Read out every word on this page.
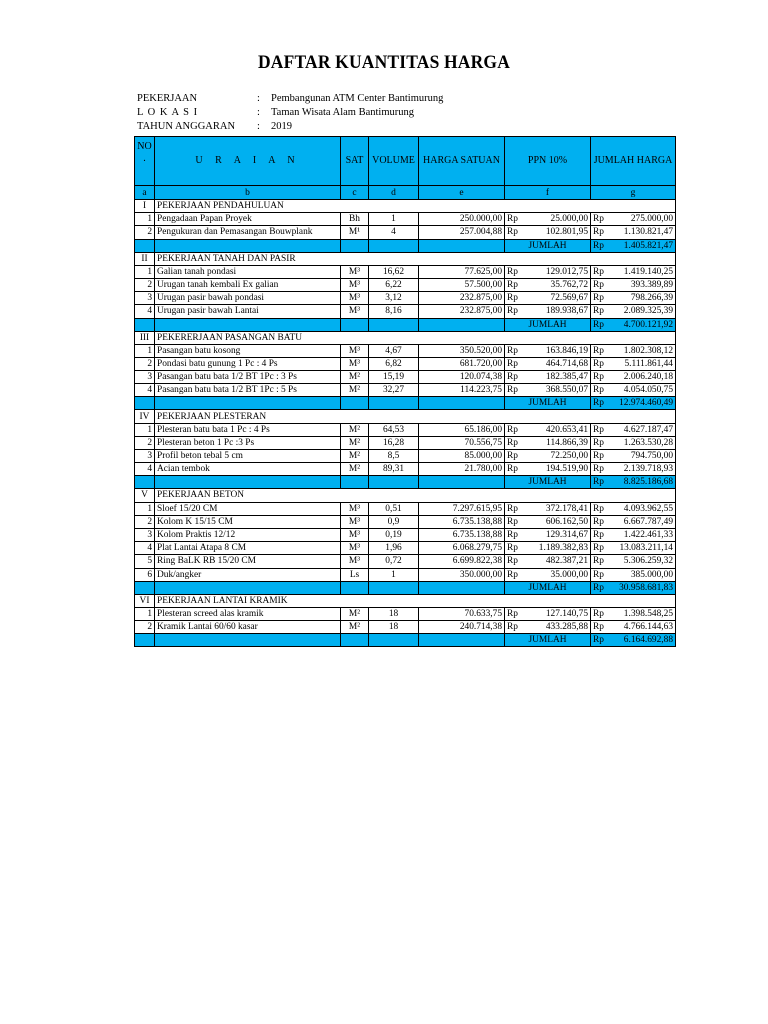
DAFTAR KUANTITAS HARGA
PEKERJAAN	: Pembangunan ATM Center Bantimurung
L O K A S I	: Taman Wisata Alam Bantimurung
TAHUN ANGGARAN : 2019
NO .	U R A I A N	SAT	VOLUME	HARGA SATUAN	PPN 10%	JUMLAH HARGA
a	b	c	d	e	f	g
I	PEKERJAAN PENDAHULUAN					
1	Pengadaan Papan Proyek	Bh	1	250.000,00	Rp 25.000,00	Rp 275.000,00

2	Pengukuran dan Pemasangan Bouwplank	M¹	4	257.004,88	Rp 102.801,95	Rp 1.130.821,47

					JUMLAH	Rp 1.405.821,47

II	PEKERJAAN TANAH DAN PASIR					
1	Galian tanah pondasi	M³	16,62	77.625,00	Rp 129.012,75	Rp 1.419.140,25

2	Urugan tanah kembali Ex galian	M³	6,22	57.500,00	Rp 35.762,72	Rp 393.389,89

3	Urugan pasir bawah pondasi	M³	3,12	232.875,00	Rp 72.569,67	Rp 798.266,39

4	Urugan pasir bawah Lantai	M³	8,16	232.875,00	Rp 189.938,67	Rp 2.089.325,39

					JUMLAH	Rp 4.700.121,92

III	PEKERERJAAN PASANGAN BATU					
1	Pasangan batu kosong	M³	4,67	350.520,00	Rp 163.846,19	Rp 1.802.308,12

2	Pondasi batu gunung 1 Pc : 4 Ps	M³	6,82	681.720,00	Rp 464.714,68	Rp 5.111.861,44

3	Pasangan batu bata 1/2 BT 1Pc : 3 Ps	M²	15,19	120.074,38	Rp 182.385,47	Rp 2.006.240,18

4	Pasangan batu bata 1/2 BT 1Pc : 5 Ps	M²	32,27	114.223,75	Rp 368.550,07	Rp 4.054.050,75

					JUMLAH	Rp 12.974.460,49

IV	PEKERJAAN PLESTERAN					
1	Plesteran batu bata 1 Pc : 4 Ps	M²	64,53	65.186,00	Rp 420.653,41	Rp 4.627.187,47

2	Plesteran beton 1 Pc :3 Ps	M²	16,28	70.556,75	Rp 114.866,39	Rp 1.263.530,28

3	Profil beton tebal 5 cm	M²	8,5	85.000,00	Rp 72.250,00	Rp 794.750,00

4	Acian tembok	M²	89,31	21.780,00	Rp 194.519,90	Rp 2.139.718,93

					JUMLAH	Rp 8.825.186,68

V	PEKERJAAN BETON					
1	Sloef 15/20 CM	M³	0,51	7.297.615,95	Rp 372.178,41	Rp 4.093.962,55

2	Kolom K 15/15 CM	M³	0,9	6.735.138,88	Rp 606.162,50	Rp 6.667.787,49

3	Kolom Praktis 12/12	M³	0,19	6.735.138,88	Rp 129.314,67	Rp 1.422.461,33

4	Plat Lantai Atapa 8 CM	M³	1,96	6.068.279,75	Rp 1.189.382,83	Rp 13.083.211,14

5	Ring BaLK RB 15/20 CM	M³	0,72	6.699.822,38	Rp 482.387,21	Rp 5.306.259,32

6	Duk/angker	Ls	1	350.000,00	Rp 35.000,00	Rp 385.000,00

					JUMLAH	Rp 30.958.681,83

VI	PEKERJAAN LANTAI KRAMIK					
1	Plesteran screed alas kramik	M²	18	70.633,75	Rp 127.140,75	Rp 1.398.548,25

2	Kramik Lantai 60/60 kasar	M²	18	240.714,38	Rp 433.285,88	Rp 4.766.144,63

					JUMLAH	Rp 6.164.692,88
